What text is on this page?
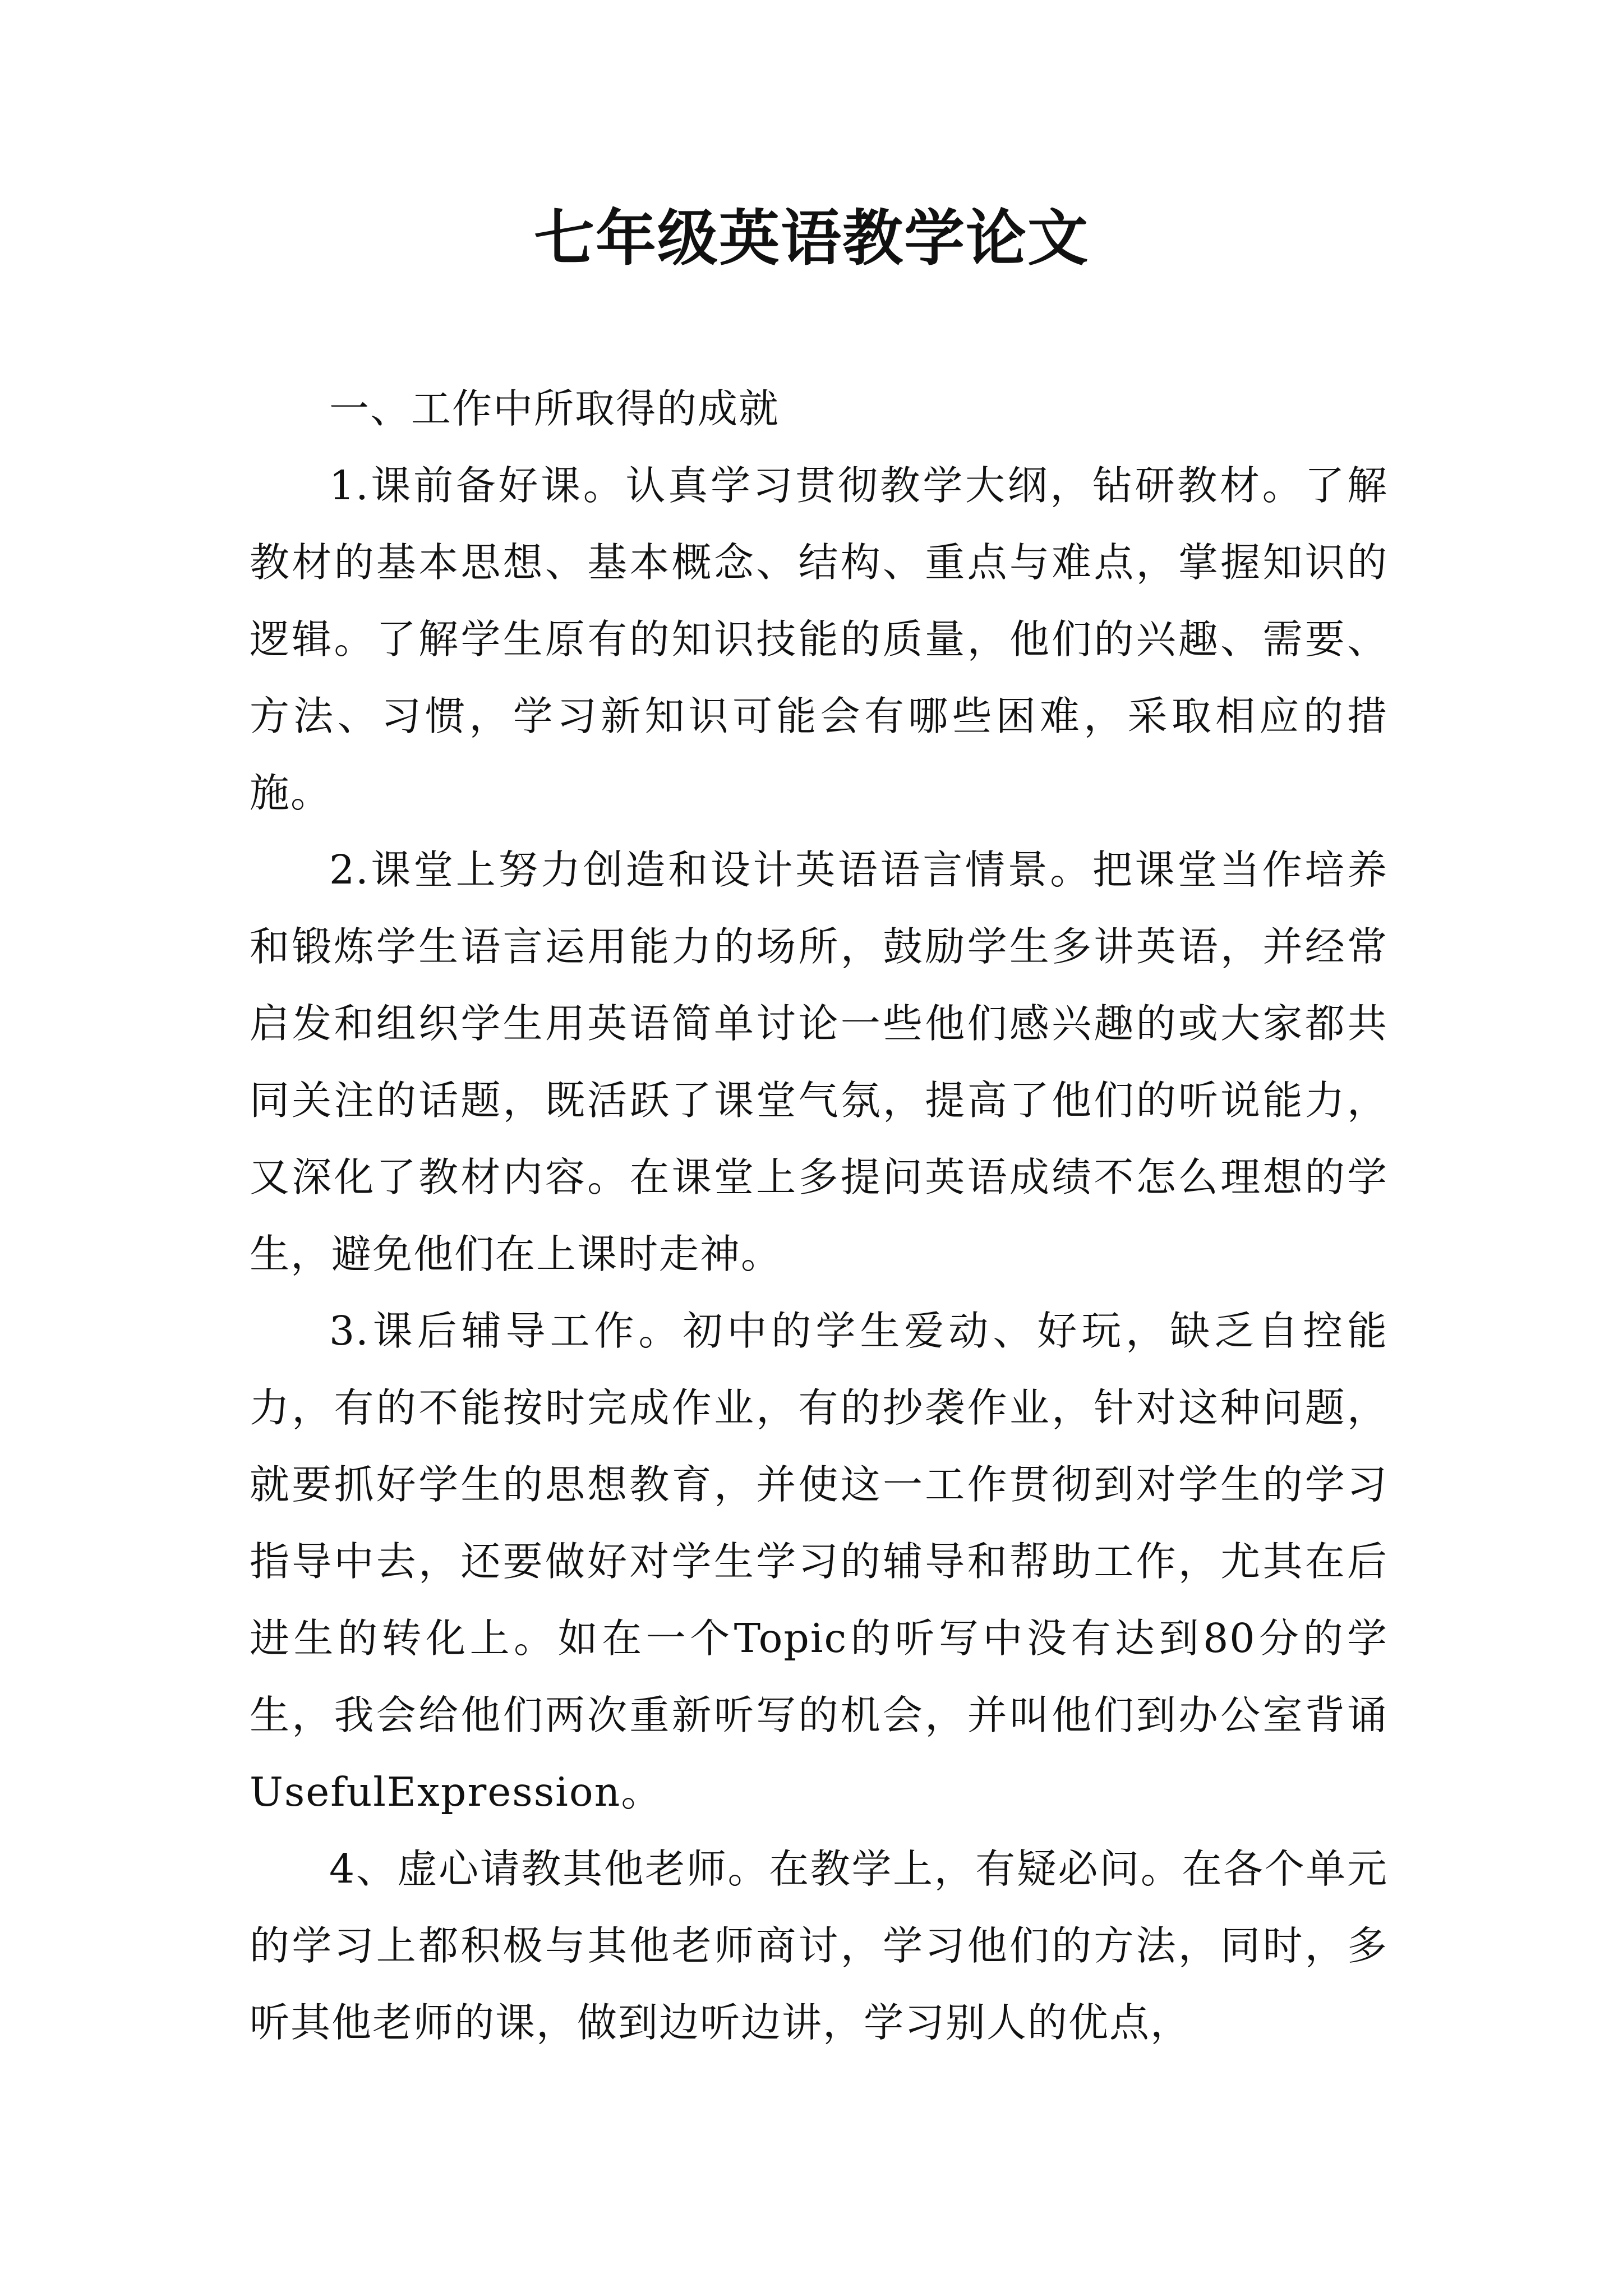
七年级英语教学论文

一、工作中所取得的成就

1.课前备好课。认真学习贯彻教学大纲，钻研教材。了解教材的基本思想、基本概念、结构、重点与难点，掌握知识的逻辑。了解学生原有的知识技能的质量，他们的兴趣、需要、方法、习惯，学习新知识可能会有哪些困难，采取相应的措施。

2.课堂上努力创造和设计英语语言情景。把课堂当作培养和锻炼学生语言运用能力的场所，鼓励学生多讲英语，并经常启发和组织学生用英语简单讨论一些他们感兴趣的或大家都共同关注的话题，既活跃了课堂气氛，提高了他们的听说能力，又深化了教材内容。在课堂上多提问英语成绩不怎么理想的学生，避免他们在上课时走神。

3.课后辅导工作。初中的学生爱动、好玩，缺乏自控能力，有的不能按时完成作业，有的抄袭作业，针对这种问题，就要抓好学生的思想教育，并使这一工作贯彻到对学生的学习指导中去，还要做好对学生学习的辅导和帮助工作，尤其在后进生的转化上。如在一个Topic的听写中没有达到80分的学生，我会给他们两次重新听写的机会，并叫他们到办公室背诵UsefulExpression。

4、虚心请教其他老师。在教学上，有疑必问。在各个单元的学习上都积极与其他老师商讨，学习他们的方法，同时，多听其他老师的课，做到边听边讲，学习别人的优点，
